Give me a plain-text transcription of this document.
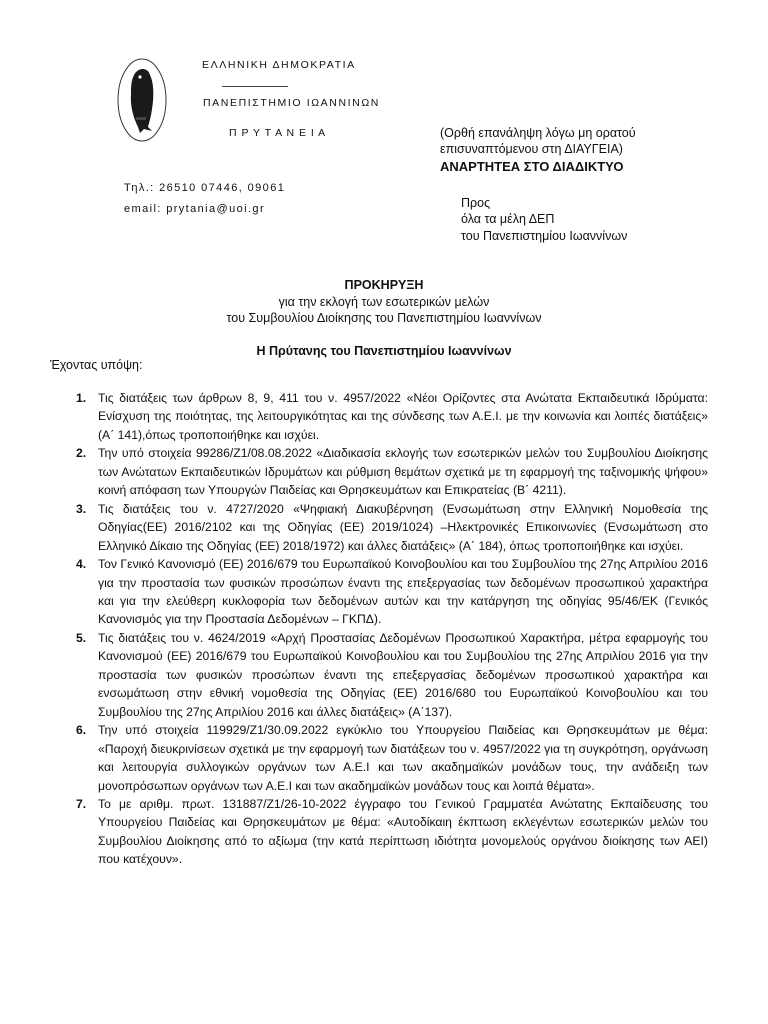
ΕΛΛΗΝΙΚΗ ΔΗΜΟΚΡΑΤΙΑ
ΠΑΝΕΠΙΣΤΗΜΙΟ ΙΩΑΝΝΙΝΩΝ
Π Ρ Υ Τ Α Ν Ε Ι Α
Τηλ.: 26510 07446, 09061
email: prytania@uoi.gr
(Ορθή επανάληψη λόγω μη ορατού
επισυναπτόμενου στη ΔΙΑΥΓΕΙΑ)
ΑΝΑΡΤΗΤΕΑ ΣΤΟ ΔΙΑΔΙΚΤΥΟ
Προς
όλα τα μέλη ΔΕΠ
του Πανεπιστημίου Ιωαννίνων
ΠΡΟΚΗΡΥΞΗ
για την εκλογή των εσωτερικών μελών
του Συμβουλίου Διοίκησης του Πανεπιστημίου Ιωαννίνων
Η Πρύτανης του Πανεπιστημίου Ιωαννίνων
Έχοντας υπόψη:

1. Τις διατάξεις των άρθρων 8, 9, 411 του ν. 4957/2022 «Νέοι Ορίζοντες στα Ανώτατα Εκπαιδευτικά Ιδρύματα: Ενίσχυση της ποιότητας, της λειτουργικότητας και της σύνδεσης των Α.Ε.Ι. με την κοινωνία και λοιπές διατάξεις» (Α΄ 141),όπως τροποποιήθηκε και ισχύει.

2. Την υπό στοιχεία 99286/Ζ1/08.08.2022 «Διαδικασία εκλογής των εσωτερικών μελών του Συμβουλίου Διοίκησης των Ανώτατων Εκπαιδευτικών Ιδρυμάτων και ρύθμιση θεμάτων σχετικά με τη εφαρμογή της ταξινομικής ψήφου» κοινή απόφαση των Υπουργών Παιδείας και Θρησκευμάτων και Επικρατείας (Β΄ 4211).

3. Τις διατάξεις του ν. 4727/2020 «Ψηφιακή Διακυβέρνηση (Ενσωμάτωση στην Ελληνική Νομοθεσία της Οδηγίας(ΕΕ) 2016/2102 και της Οδηγίας (ΕΕ) 2019/1024) –Ηλεκτρονικές Επικοινωνίες (Ενσωμάτωση στο Ελληνικό Δίκαιο της Οδηγίας (ΕΕ) 2018/1972) και άλλες διατάξεις» (Α΄ 184), όπως τροποποιήθηκε και ισχύει.

4. Τον Γενικό Κανονισμό (ΕΕ) 2016/679 του Ευρωπαϊκού Κοινοβουλίου και του Συμβουλίου της 27ης Απριλίου 2016 για την προστασία των φυσικών προσώπων έναντι της επεξεργασίας των δεδομένων προσωπικού χαρακτήρα και για την ελεύθερη κυκλοφορία των δεδομένων αυτών και την κατάργηση της οδηγίας 95/46/ΕΚ (Γενικός Κανονισμός για την Προστασία Δεδομένων – ΓΚΠΔ).

5. Τις διατάξεις του ν. 4624/2019 «Αρχή Προστασίας Δεδομένων Προσωπικού Χαρακτήρα, μέτρα εφαρμογής του Κανονισμού (ΕΕ) 2016/679 του Ευρωπαϊκού Κοινοβουλίου και του Συμβουλίου της 27ης Απριλίου 2016 για την προστασία των φυσικών προσώπων έναντι της επεξεργασίας δεδομένων προσωπικού χαρακτήρα και ενσωμάτωση στην εθνική νομοθεσία της Οδηγίας (ΕΕ) 2016/680 του Ευρωπαϊκού Κοινοβουλίου και του Συμβουλίου της 27ης Απριλίου 2016 και άλλες διατάξεις» (Α΄137).

6. Την υπό στοιχεία 119929/Ζ1/30.09.2022 εγκύκλιο του Υπουργείου Παιδείας και Θρησκευμάτων με θέμα: «Παροχή διευκρινίσεων σχετικά με την εφαρμογή των διατάξεων του ν. 4957/2022 για τη συγκρότηση, οργάνωση και λειτουργία συλλογικών οργάνων των Α.Ε.Ι και των ακαδημαϊκών μονάδων τους, την ανάδειξη των μονοπρόσωπων οργάνων των Α.Ε.Ι και των ακαδημαϊκών μονάδων τους και λοιπά θέματα».

7. Το με αριθμ. πρωτ. 131887/Ζ1/26-10-2022 έγγραφο του Γενικού Γραμματέα Ανώτατης Εκπαίδευσης του Υπουργείου Παιδείας και Θρησκευμάτων με θέμα: «Αυτοδίκαιη έκπτωση εκλεγέντων εσωτερικών μελών του Συμβουλίου Διοίκησης από το αξίωμα (την κατά περίπτωση ιδιότητα μονομελούς οργάνου διοίκησης των ΑΕΙ) που κατέχουν».
